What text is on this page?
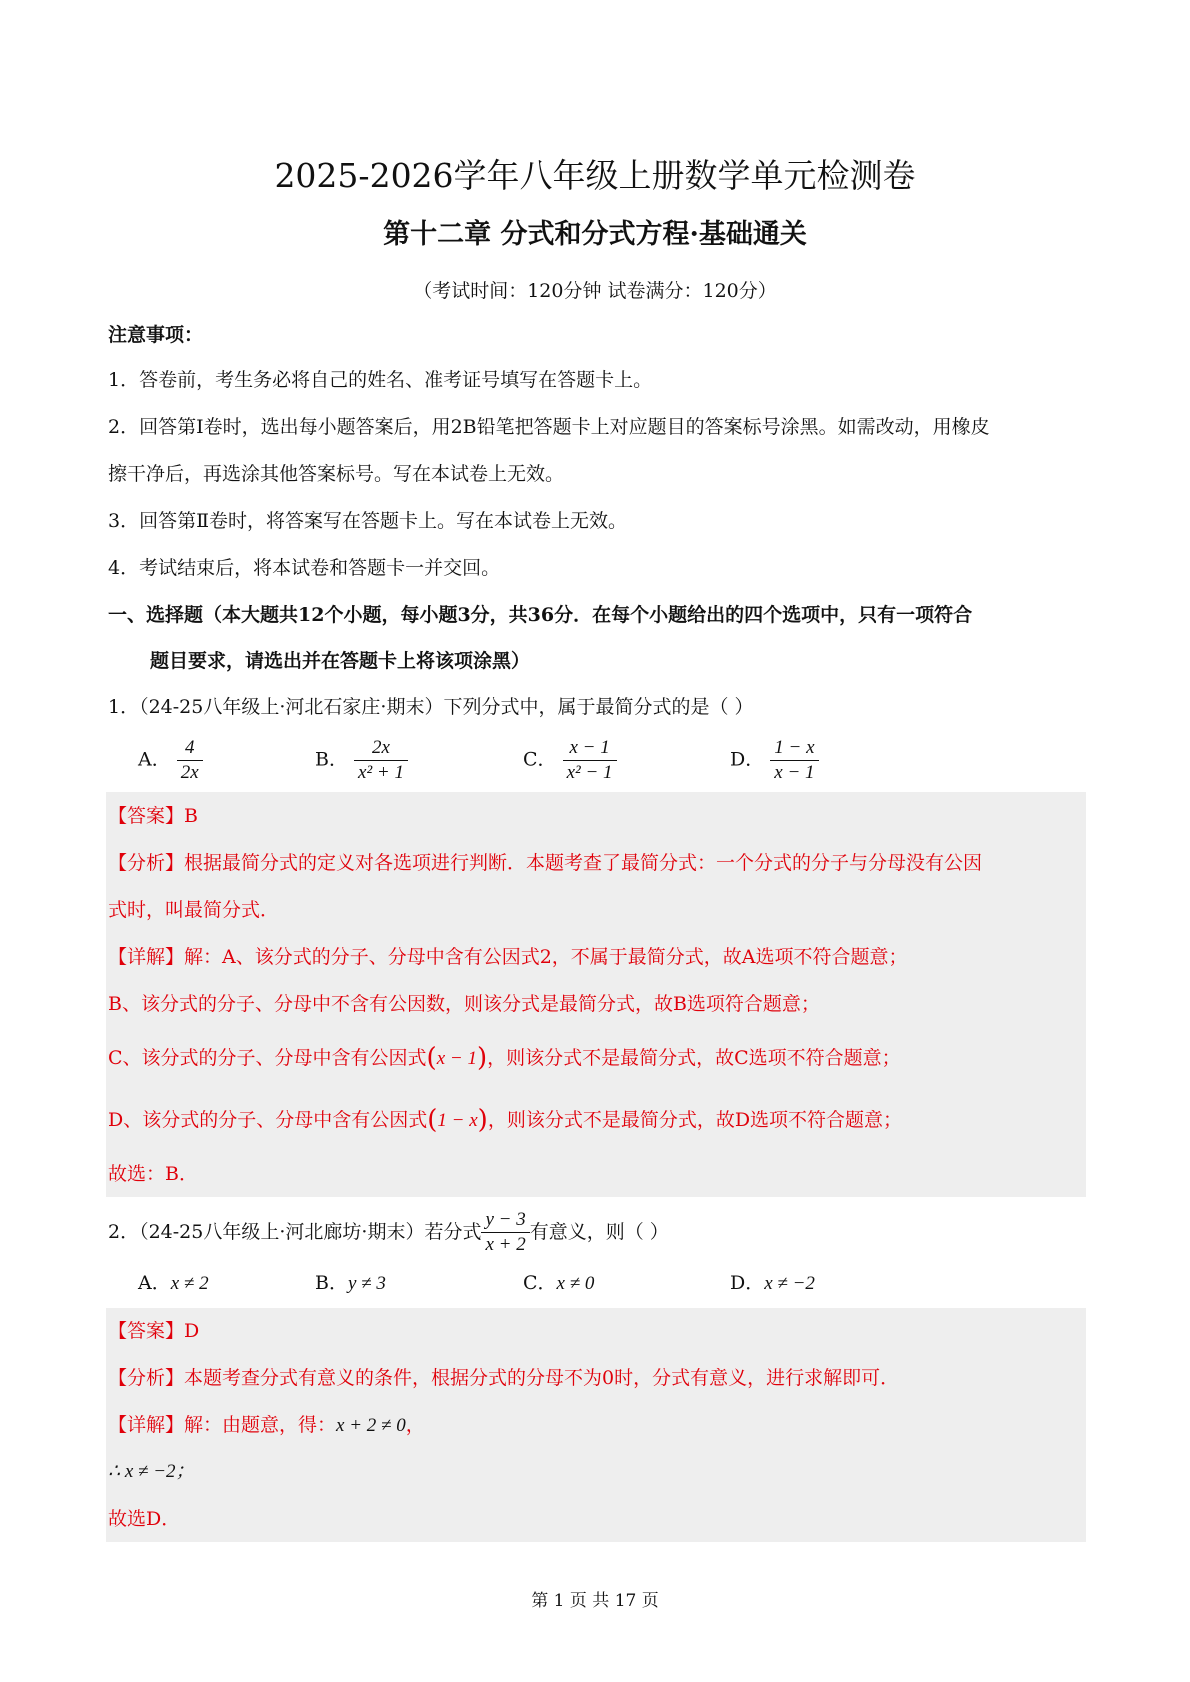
2025-2026学年八年级上册数学单元检测卷
第十二章 分式和分式方程·基础通关
（考试时间：120分钟 试卷满分：120分）
注意事项：
1．答卷前，考生务必将自己的姓名、准考证号填写在答题卡上。
2．回答第Ⅰ卷时，选出每小题答案后，用2B铅笔把答题卡上对应题目的答案标号涂黑。如需改动，用橡皮
擦干净后，再选涂其他答案标号。写在本试卷上无效。
3．回答第Ⅱ卷时，将答案写在答题卡上。写在本试卷上无效。
4．考试结束后，将本试卷和答题卡一并交回。
一、选择题（本大题共12个小题，每小题3分，共36分．在每个小题给出的四个选项中，只有一项符合
题目要求，请选出并在答题卡上将该项涂黑）
1．（24-25八年级上·河北石家庄·期末）下列分式中，属于最简分式的是（ ）
A． $\frac{4}{2x}$	B． $\frac{2x}{\text{x² + 1}}$	C． $\frac{x - 1}{\text{x² − 1}}$	D． $\frac{1 - x}{x - 1}$
【答案】B
【分析】根据最简分式的定义对各选项进行判断．本题考查了最简分式：一个分式的分子与分母没有公因
式时，叫最简分式．
【详解】解：A、该分式的分子、分母中含有公因式2，不属于最简分式，故A选项不符合题意；
B、该分式的分子、分母中不含有公因数，则该分式是最简分式，故B选项符合题意；
C、该分式的分子、分母中含有公因式(x − 1)，则该分式不是最简分式，故C选项不符合题意；
D、该分式的分子、分母中含有公因式(1 − x)，则该分式不是最简分式，故D选项不符合题意；
故选：B．
2．（24-25八年级上·河北廊坊·期末）若分式 $\frac{y - 3}{x + 2}$ 有意义，则（ ）
A．x ≠ 2	B．y ≠ 3	C．x ≠ 0	D．x ≠ −2
【答案】D
【分析】本题考查分式有意义的条件，根据分式的分母不为0时，分式有意义，进行求解即可．
【详解】解：由题意，得：x + 2 ≠ 0，
∴ x ≠ −2；
故选D．
第 1 页 共 17 页
